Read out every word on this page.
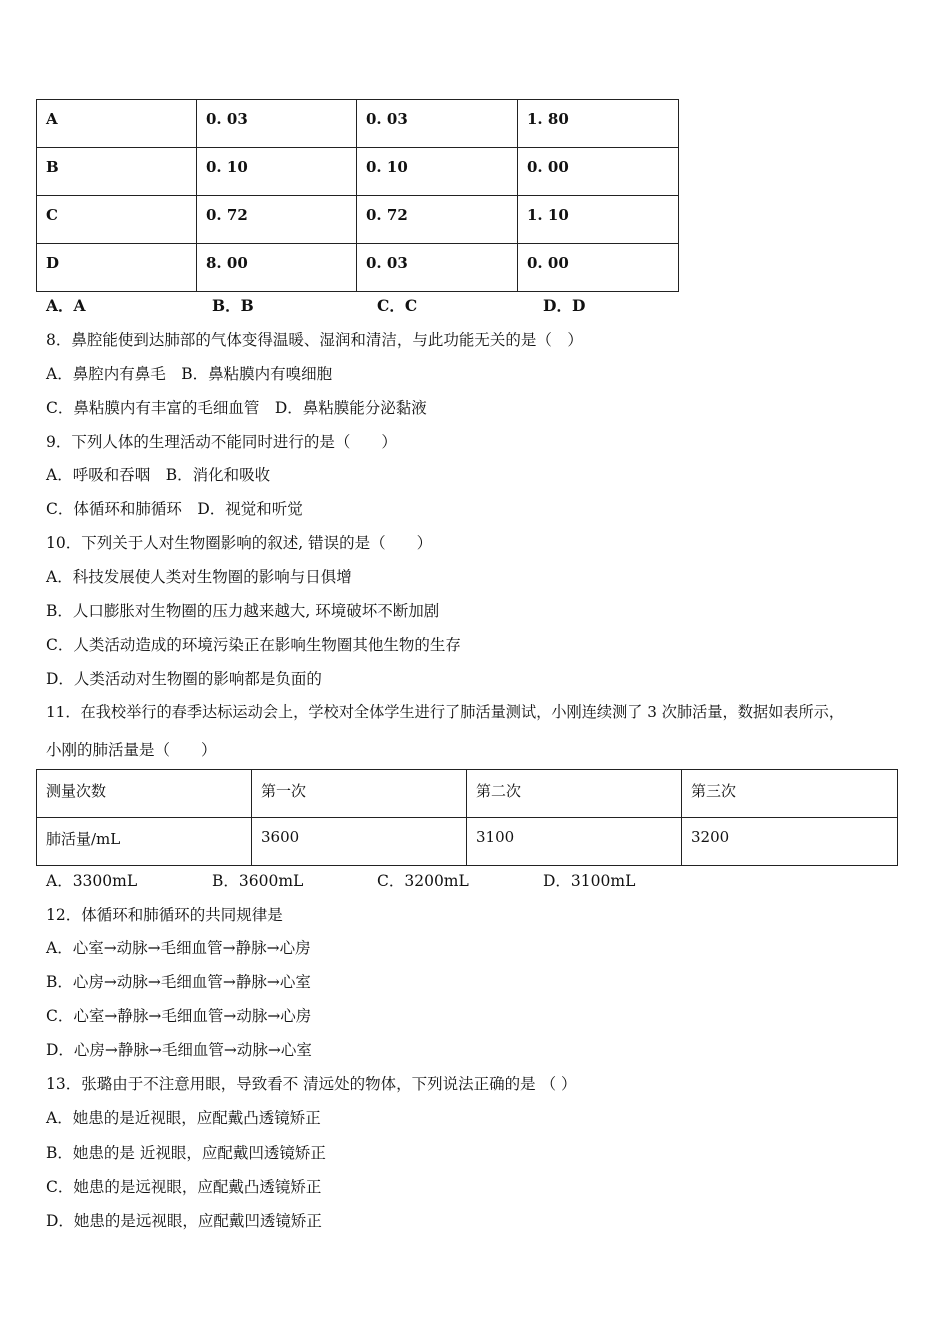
A	0. 03	0. 03	1. 80
B	0. 10	0. 10	0. 00
C	0. 72	0. 72	1. 10
D	8. 00	0. 03	0. 00
A．A	B．B	C．C	D．D
8．鼻腔能使到达肺部的气体变得温暖、湿润和清洁，与此功能无关的是（　）
A．鼻腔内有鼻毛　B．鼻粘膜内有嗅细胞
C．鼻粘膜内有丰富的毛细血管　D．鼻粘膜能分泌黏液
9．下列人体的生理活动不能同时进行的是（　　）
A．呼吸和吞咽　B．消化和吸收
C．体循环和肺循环　D．视觉和听觉
10．下列关于人对生物圈影响的叙述, 错误的是（　　）
A．科技发展使人类对生物圈的影响与日俱增
B．人口膨胀对生物圈的压力越来越大, 环境破坏不断加剧
C．人类活动造成的环境污染正在影响生物圈其他生物的生存
D．人类活动对生物圈的影响都是负面的
11．在我校举行的春季达标运动会上，学校对全体学生进行了肺活量测试，小刚连续测了 3 次肺活量，数据如表所示，
小刚的肺活量是（　　）
测量次数	第一次	第二次	第三次
肺活量/mL	3600	3100	3200
A．3300mL	B．3600mL	C．3200mL	D．3100mL
12．体循环和肺循环的共同规律是
A．心室→动脉→毛细血管→静脉→心房
B．心房→动脉→毛细血管→静脉→心室
C．心室→静脉→毛细血管→动脉→心房
D．心房→静脉→毛细血管→动脉→心室
13．张璐由于不注意用眼，导致看不 清远处的物体，下列说法正确的是 （ ）
A．她患的是近视眼，应配戴凸透镜矫正
B．她患的是 近视眼，应配戴凹透镜矫正
C．她患的是远视眼，应配戴凸透镜矫正
D．她患的是远视眼，应配戴凹透镜矫正
